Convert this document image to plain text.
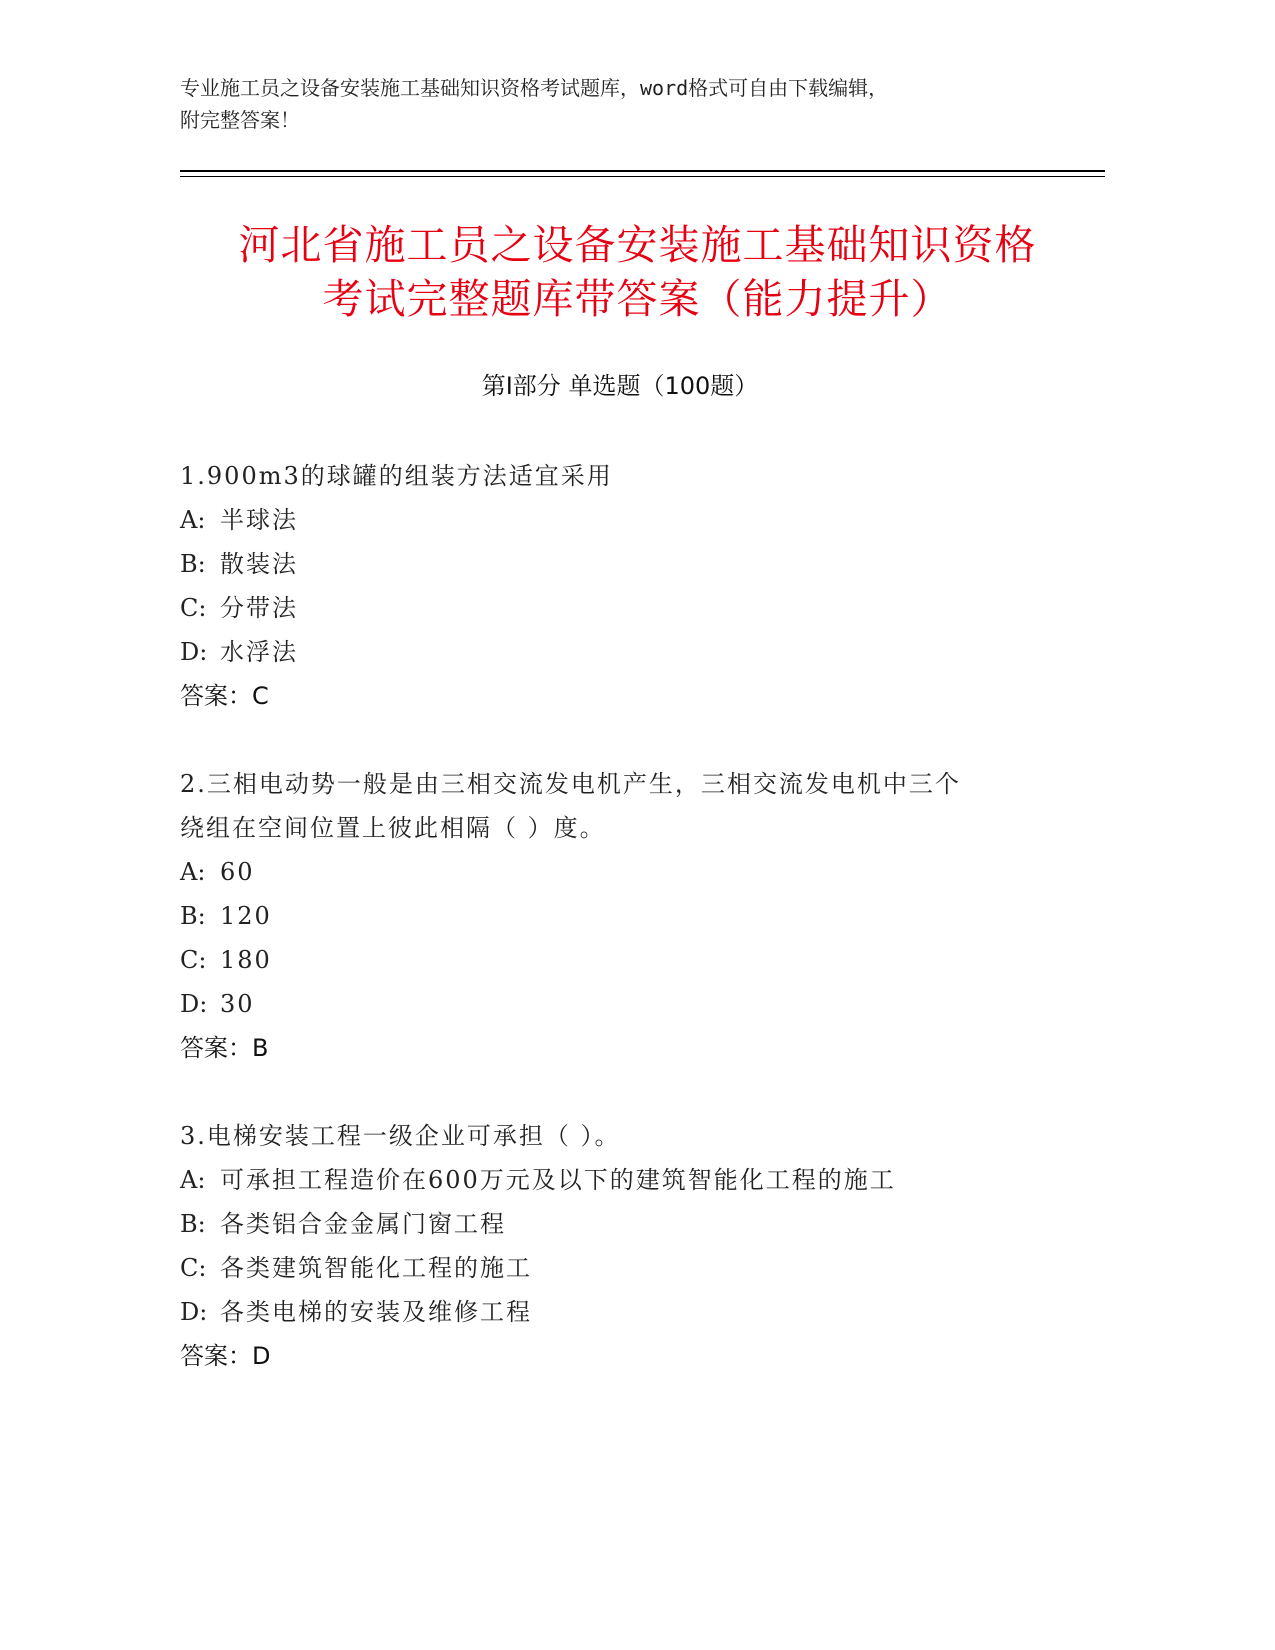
专业施工员之设备安装施工基础知识资格考试题库，word格式可自由下载编辑，
附完整答案！
河北省施工员之设备安装施工基础知识资格
考试完整题库带答案（能力提升）
第Ⅰ部分 单选题（100题）
1.900m3的球罐的组装方法适宜采用
A: 半球法
B: 散装法
C: 分带法
D: 水浮法
答案：C
2.三相电动势一般是由三相交流发电机产生，三相交流发电机中三个
绕组在空间位置上彼此相隔（ ）度。
A: 60
B: 120
C: 180
D: 30
答案：B
3.电梯安装工程一级企业可承担（ ）。
A: 可承担工程造价在600万元及以下的建筑智能化工程的施工
B: 各类铝合金金属门窗工程
C: 各类建筑智能化工程的施工
D: 各类电梯的安装及维修工程
答案：D
